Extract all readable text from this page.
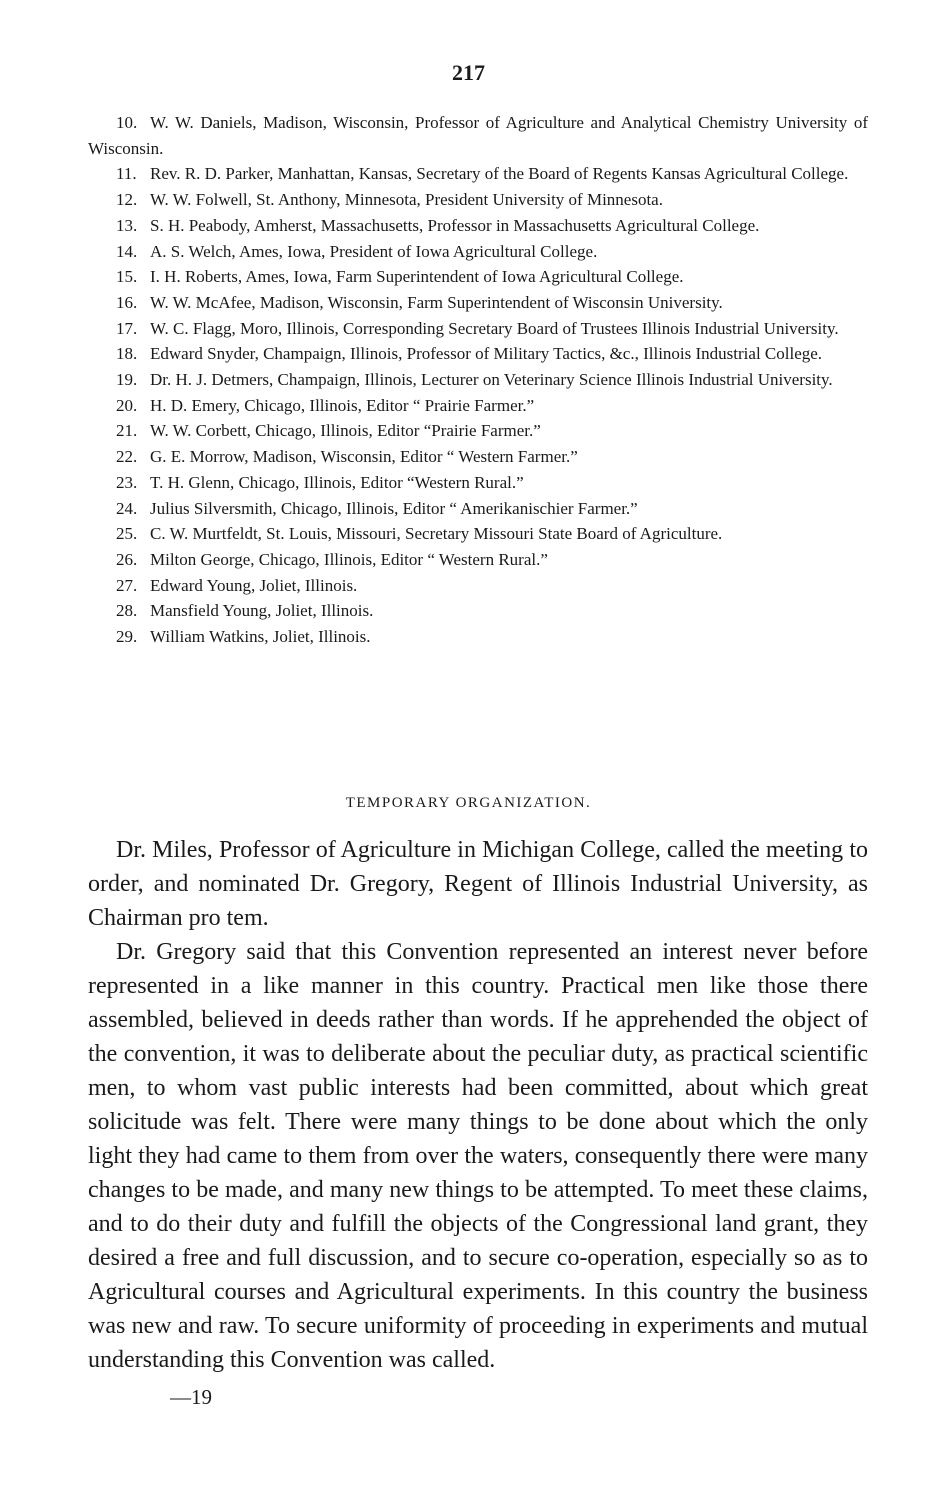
217

10. W. W. Daniels, Madison, Wisconsin, Professor of Agriculture and Analytical Chemistry University of Wisconsin.

11. Rev. R. D. Parker, Manhattan, Kansas, Secretary of the Board of Regents Kansas Agricultural College.

12. W. W. Folwell, St. Anthony, Minnesota, President University of Minnesota.

13. S. H. Peabody, Amherst, Massachusetts, Professor in Massachusetts Agricultural College.

14. A. S. Welch, Ames, Iowa, President of Iowa Agricultural College.

15. I. H. Roberts, Ames, Iowa, Farm Superintendent of Iowa Agricultural College.

16. W. W. McAfee, Madison, Wisconsin, Farm Superintendent of Wisconsin University.

17. W. C. Flagg, Moro, Illinois, Corresponding Secretary Board of Trustees Illinois Industrial University.

18. Edward Snyder, Champaign, Illinois, Professor of Military Tactics, &c., Illinois Industrial College.

19. Dr. H. J. Detmers, Champaign, Illinois, Lecturer on Veterinary Science Illinois Industrial University.

20. H. D. Emery, Chicago, Illinois, Editor “ Prairie Farmer.”

21. W. W. Corbett, Chicago, Illinois, Editor “Prairie Farmer.”

22. G. E. Morrow, Madison, Wisconsin, Editor “ Western Farmer.”

23. T. H. Glenn, Chicago, Illinois, Editor “Western Rural.”

24. Julius Silversmith, Chicago, Illinois, Editor “ Amerikanischier Farmer.”

25. C. W. Murtfeldt, St. Louis, Missouri, Secretary Missouri State Board of Agriculture.

26. Milton George, Chicago, Illinois, Editor “ Western Rural.”

27. Edward Young, Joliet, Illinois.

28. Mansfield Young, Joliet, Illinois.

29. William Watkins, Joliet, Illinois.

TEMPORARY ORGANIZATION.

Dr. Miles, Professor of Agriculture in Michigan College, called the meeting to order, and nominated Dr. Gregory, Regent of Illinois Industrial University, as Chairman pro tem.

Dr. Gregory said that this Convention represented an interest never before represented in a like manner in this country. Practical men like those there assembled, believed in deeds rather than words. If he apprehended the object of the convention, it was to deliberate about the peculiar duty, as practical scientific men, to whom vast public interests had been committed, about which great solicitude was felt. There were many things to be done about which the only light they had came to them from over the waters, consequently there were many changes to be made, and many new things to be attempted. To meet these claims, and to do their duty and fulfill the objects of the Congressional land grant, they desired a free and full discussion, and to secure co-operation, especially so as to Agricultural courses and Agricultural experiments. In this country the business was new and raw. To secure uniformity of proceeding in experiments and mutual understanding this Convention was called.

—19
